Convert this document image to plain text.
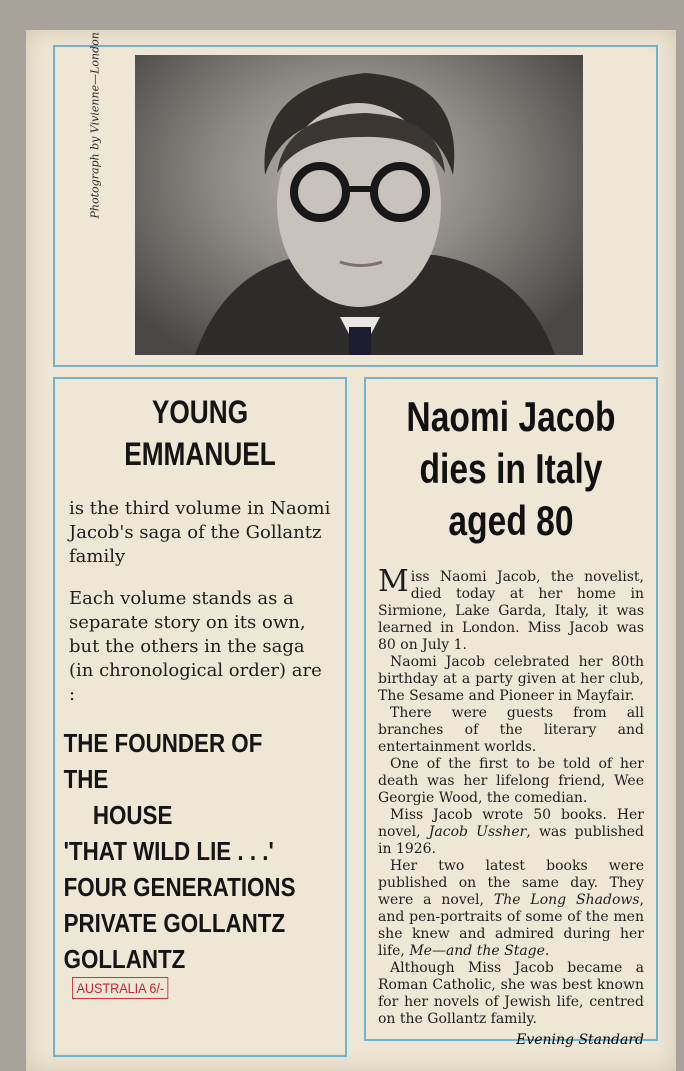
Photograph by Vivienne—London
YOUNG
EMMANUEL

is the third volume in Naomi Jacob's saga of the Gollantz family

Each volume stands as a separate story on its own, but the others in the saga (in chronological order) are :

THE FOUNDER OF THE
HOUSE
'THAT WILD LIE . . .'
FOUR GENERATIONS
PRIVATE GOLLANTZ
GOLLANTZ
AUSTRALIA 6/-
Naomi Jacob
dies in Italy
aged 80

Miss Naomi Jacob, the novelist, died today at her home in Sirmione, Lake Garda, Italy, it was learned in London. Miss Jacob was 80 on July 1.

Naomi Jacob celebrated her 80th birthday at a party given at her club, The Sesame and Pioneer in Mayfair.

There were guests from all branches of the literary and entertainment worlds.

One of the first to be told of her death was her lifelong friend, Wee Georgie Wood, the comedian.

Miss Jacob wrote 50 books. Her novel, Jacob Ussher, was published in 1926.

Her two latest books were published on the same day. They were a novel, The Long Shadows, and pen-portraits of some of the men she knew and admired during her life, Me—and the Stage.

Although Miss Jacob became a Roman Catholic, she was best known for her novels of Jewish life, centred on the Gollantz family.

Evening Standard
